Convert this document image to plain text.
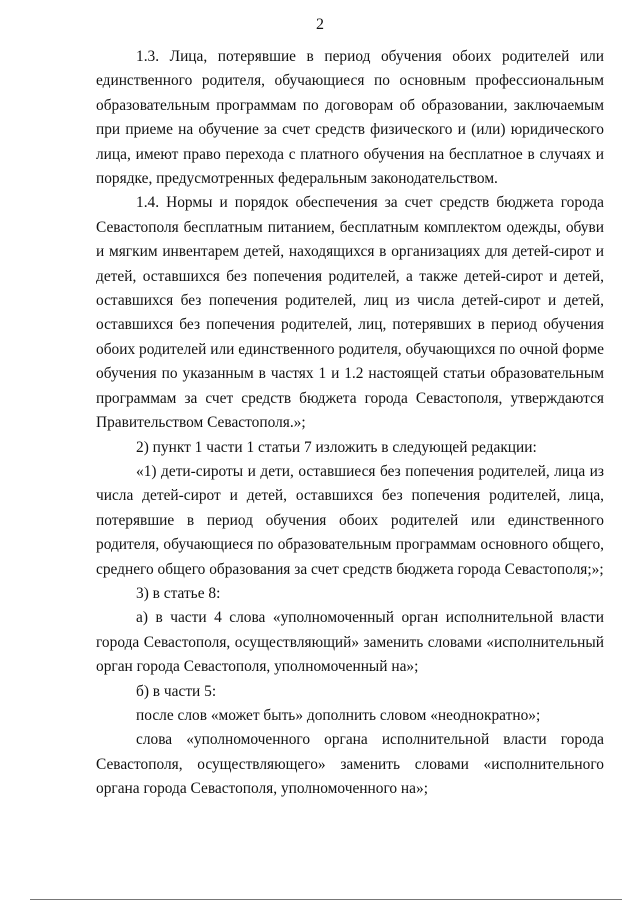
2

1.3. Лица, потерявшие в период обучения обоих родителей или единственного родителя, обучающиеся по основным профессиональным образовательным программам по договорам об образовании, заключаемым при приеме на обучение за счет средств физического и (или) юридического лица, имеют право перехода с платного обучения на бесплатное в случаях и порядке, предусмотренных федеральным законодательством.

1.4. Нормы и порядок обеспечения за счет средств бюджета города Севастополя бесплатным питанием, бесплатным комплектом одежды, обуви и мягким инвентарем детей, находящихся в организациях для детей-сирот и детей, оставшихся без попечения родителей, а также детей-сирот и детей, оставшихся без попечения родителей, лиц из числа детей-сирот и детей, оставшихся без попечения родителей, лиц, потерявших в период обучения обоих родителей или единственного родителя, обучающихся по очной форме обучения по указанным в частях 1 и 1.2 настоящей статьи образовательным программам за счет средств бюджета города Севастополя, утверждаются Правительством Севастополя.»;

2) пункт 1 части 1 статьи 7 изложить в следующей редакции:

«1) дети-сироты и дети, оставшиеся без попечения родителей, лица из числа детей-сирот и детей, оставшихся без попечения родителей, лица, потерявшие в период обучения обоих родителей или единственного родителя, обучающиеся по образовательным программам основного общего, среднего общего образования за счет средств бюджета города Севастополя;»;

3) в статье 8:

а) в части 4 слова «уполномоченный орган исполнительной власти города Севастополя, осуществляющий» заменить словами «исполнительный орган города Севастополя, уполномоченный на»;

б) в части 5:

после слов «может быть» дополнить словом «неоднократно»;

слова «уполномоченного органа исполнительной власти города Севастополя, осуществляющего» заменить словами «исполнительного органа города Севастополя, уполномоченного на»;
